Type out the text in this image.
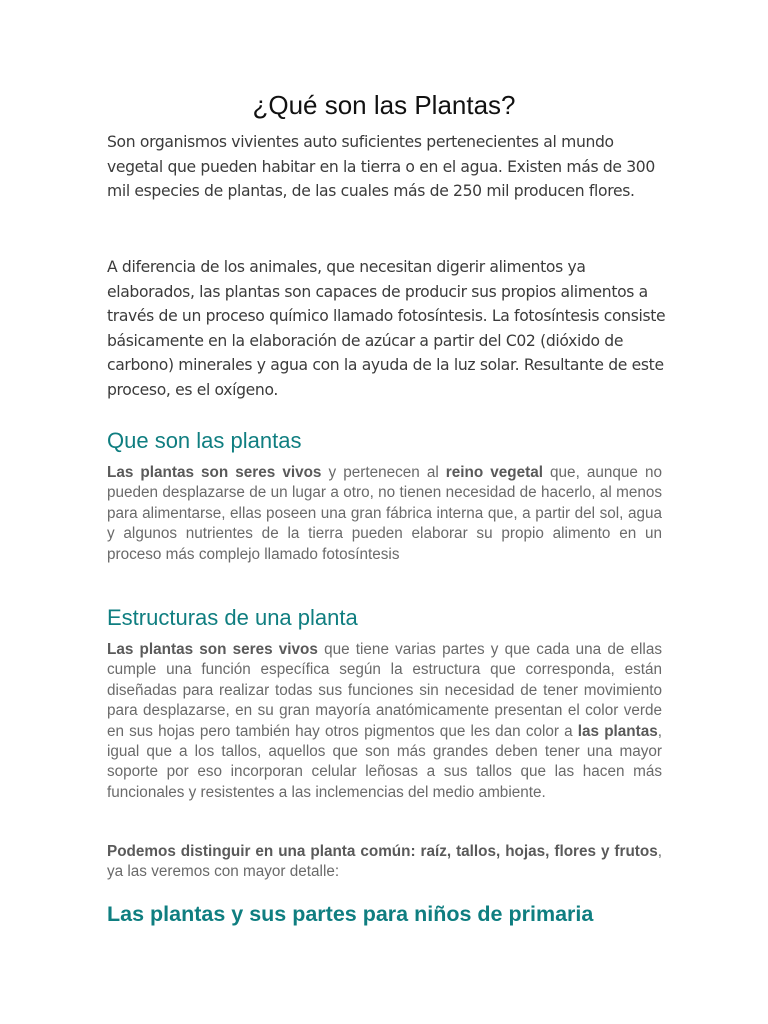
¿Qué son las Plantas?

Son organismos vivientes auto suficientes pertenecientes al mundo vegetal que pueden habitar en la tierra o en el agua. Existen más de 300 mil especies de plantas, de las cuales más de 250 mil producen flores.

A diferencia de los animales, que necesitan digerir alimentos ya elaborados, las plantas son capaces de producir sus propios alimentos a través de un proceso químico llamado fotosíntesis. La fotosíntesis consiste básicamente en la elaboración de azúcar a partir del C02 (dióxido de carbono) minerales y agua con la ayuda de la luz solar. Resultante de este proceso, es el oxígeno.

Que son las plantas

Las plantas son seres vivos y pertenecen al reino vegetal que, aunque no pueden desplazarse de un lugar a otro, no tienen necesidad de hacerlo, al menos para alimentarse, ellas poseen una gran fábrica interna que, a partir del sol, agua y algunos nutrientes de la tierra pueden elaborar su propio alimento en un proceso más complejo llamado fotosíntesis

Estructuras de una planta

Las plantas son seres vivos que tiene varias partes y que cada una de ellas cumple una función específica según la estructura que corresponda, están diseñadas para realizar todas sus funciones sin necesidad de tener movimiento para desplazarse, en su gran mayoría anatómicamente presentan el color verde en sus hojas pero también hay otros pigmentos que les dan color a las plantas, igual que a los tallos, aquellos que son más grandes deben tener una mayor soporte por eso incorporan celular leñosas a sus tallos que las hacen más funcionales y resistentes a las inclemencias del medio ambiente.

Podemos distinguir en una planta común: raíz, tallos, hojas, flores y frutos, ya las veremos con mayor detalle:

Las plantas y sus partes para niños de primaria
